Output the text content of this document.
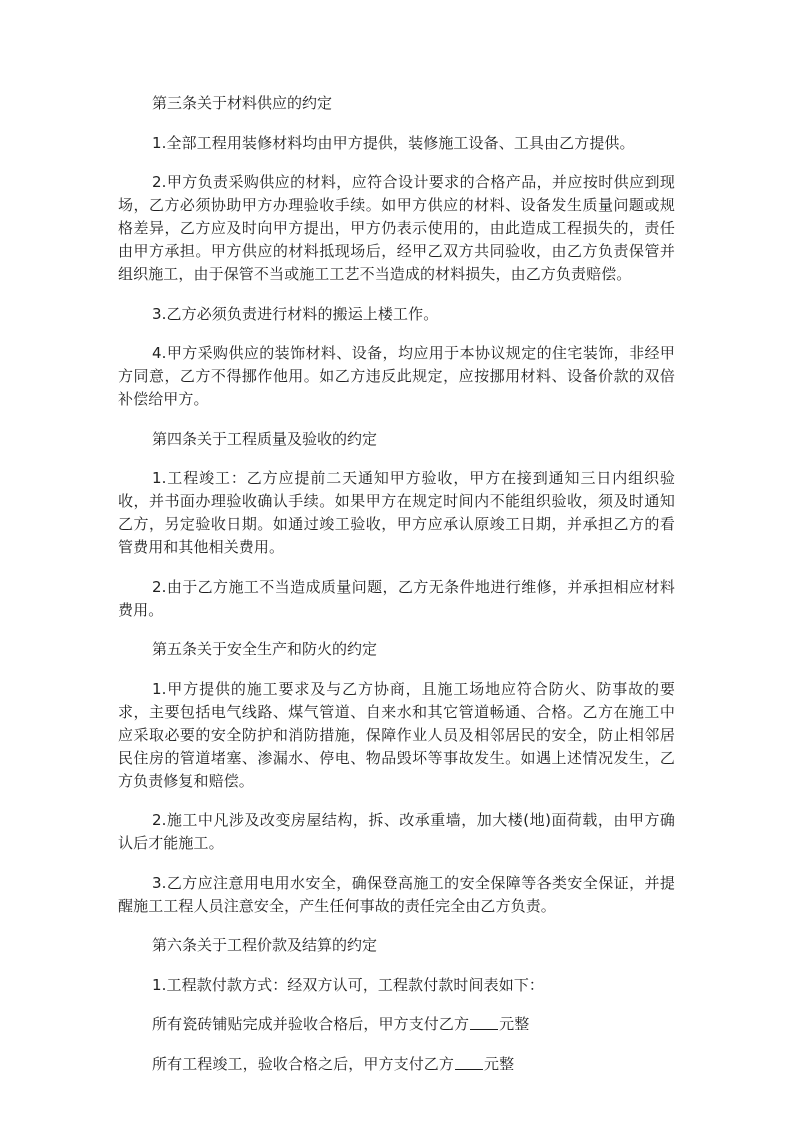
第三条关于材料供应的约定

1.全部工程用装修材料均由甲方提供，装修施工设备、工具由乙方提供。

2.甲方负责采购供应的材料，应符合设计要求的合格产品，并应按时供应到现场，乙方必须协助甲方办理验收手续。如甲方供应的材料、设备发生质量问题或规格差异，乙方应及时向甲方提出，甲方仍表示使用的，由此造成工程损失的，责任由甲方承担。甲方供应的材料抵现场后，经甲乙双方共同验收，由乙方负责保管并组织施工，由于保管不当或施工工艺不当造成的材料损失，由乙方负责赔偿。

3.乙方必须负责进行材料的搬运上楼工作。

4.甲方采购供应的装饰材料、设备，均应用于本协议规定的住宅装饰，非经甲方同意，乙方不得挪作他用。如乙方违反此规定，应按挪用材料、设备价款的双倍补偿给甲方。

第四条关于工程质量及验收的约定

1.工程竣工：乙方应提前二天通知甲方验收，甲方在接到通知三日内组织验收，并书面办理验收确认手续。如果甲方在规定时间内不能组织验收，须及时通知乙方，另定验收日期。如通过竣工验收，甲方应承认原竣工日期，并承担乙方的看管费用和其他相关费用。

2.由于乙方施工不当造成质量问题，乙方无条件地进行维修，并承担相应材料费用。

第五条关于安全生产和防火的约定

1.甲方提供的施工要求及与乙方协商，且施工场地应符合防火、防事故的要求，主要包括电气线路、煤气管道、自来水和其它管道畅通、合格。乙方在施工中应采取必要的安全防护和消防措施，保障作业人员及相邻居民的安全，防止相邻居民住房的管道堵塞、渗漏水、停电、物品毁坏等事故发生。如遇上述情况发生，乙方负责修复和赔偿。

2.施工中凡涉及改变房屋结构，拆、改承重墙，加大楼(地)面荷载，由甲方确认后才能施工。

3.乙方应注意用电用水安全，确保登高施工的安全保障等各类安全保证，并提醒施工工程人员注意安全，产生任何事故的责任完全由乙方负责。

第六条关于工程价款及结算的约定

1.工程款付款方式：经双方认可，工程款付款时间表如下：

所有瓷砖铺贴完成并验收合格后，甲方支付乙方 元整

所有工程竣工，验收合格之后，甲方支付乙方 元整
